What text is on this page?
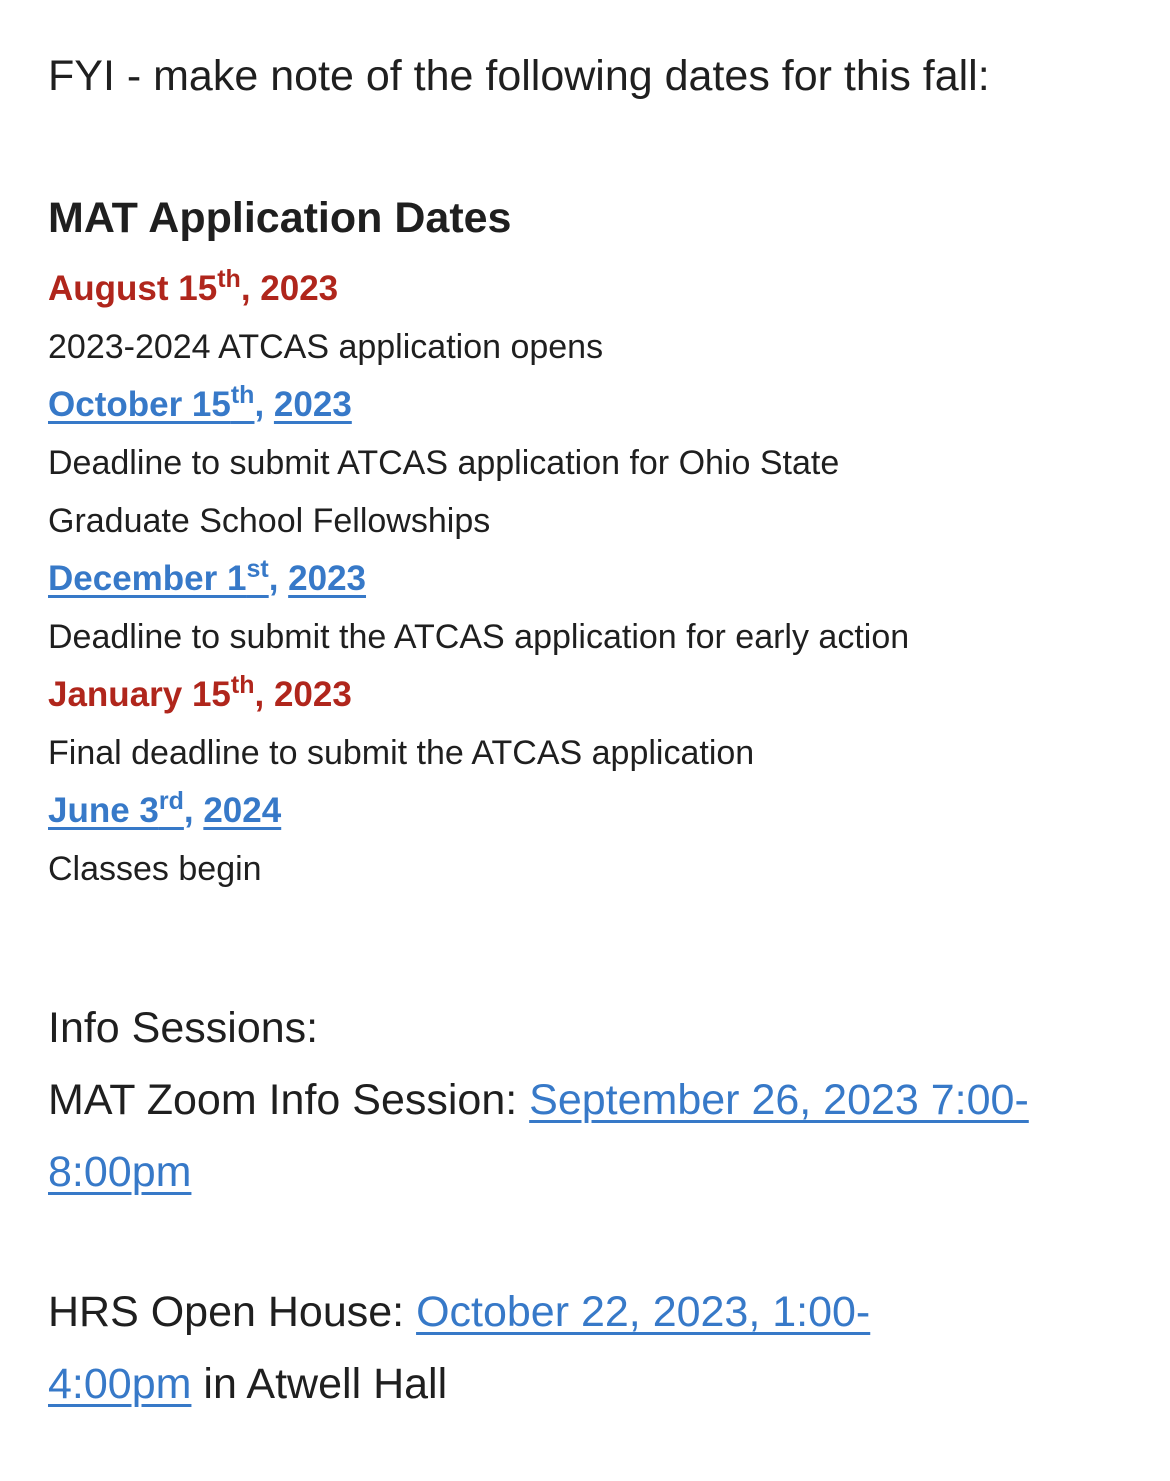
FYI - make note of the following dates for this fall:
MAT Application Dates
August 15th, 2023
2023-2024 ATCAS application opens
October 15th, 2023
Deadline to submit ATCAS application for Ohio State Graduate School Fellowships
December 1st, 2023
Deadline to submit the ATCAS application for early action
January 15th, 2023
Final deadline to submit the ATCAS application
June 3rd, 2024
Classes begin
Info Sessions:
MAT Zoom Info Session: September 26, 2023 7:00-8:00pm
HRS Open House: October 22, 2023, 1:00-4:00pm in Atwell Hall
